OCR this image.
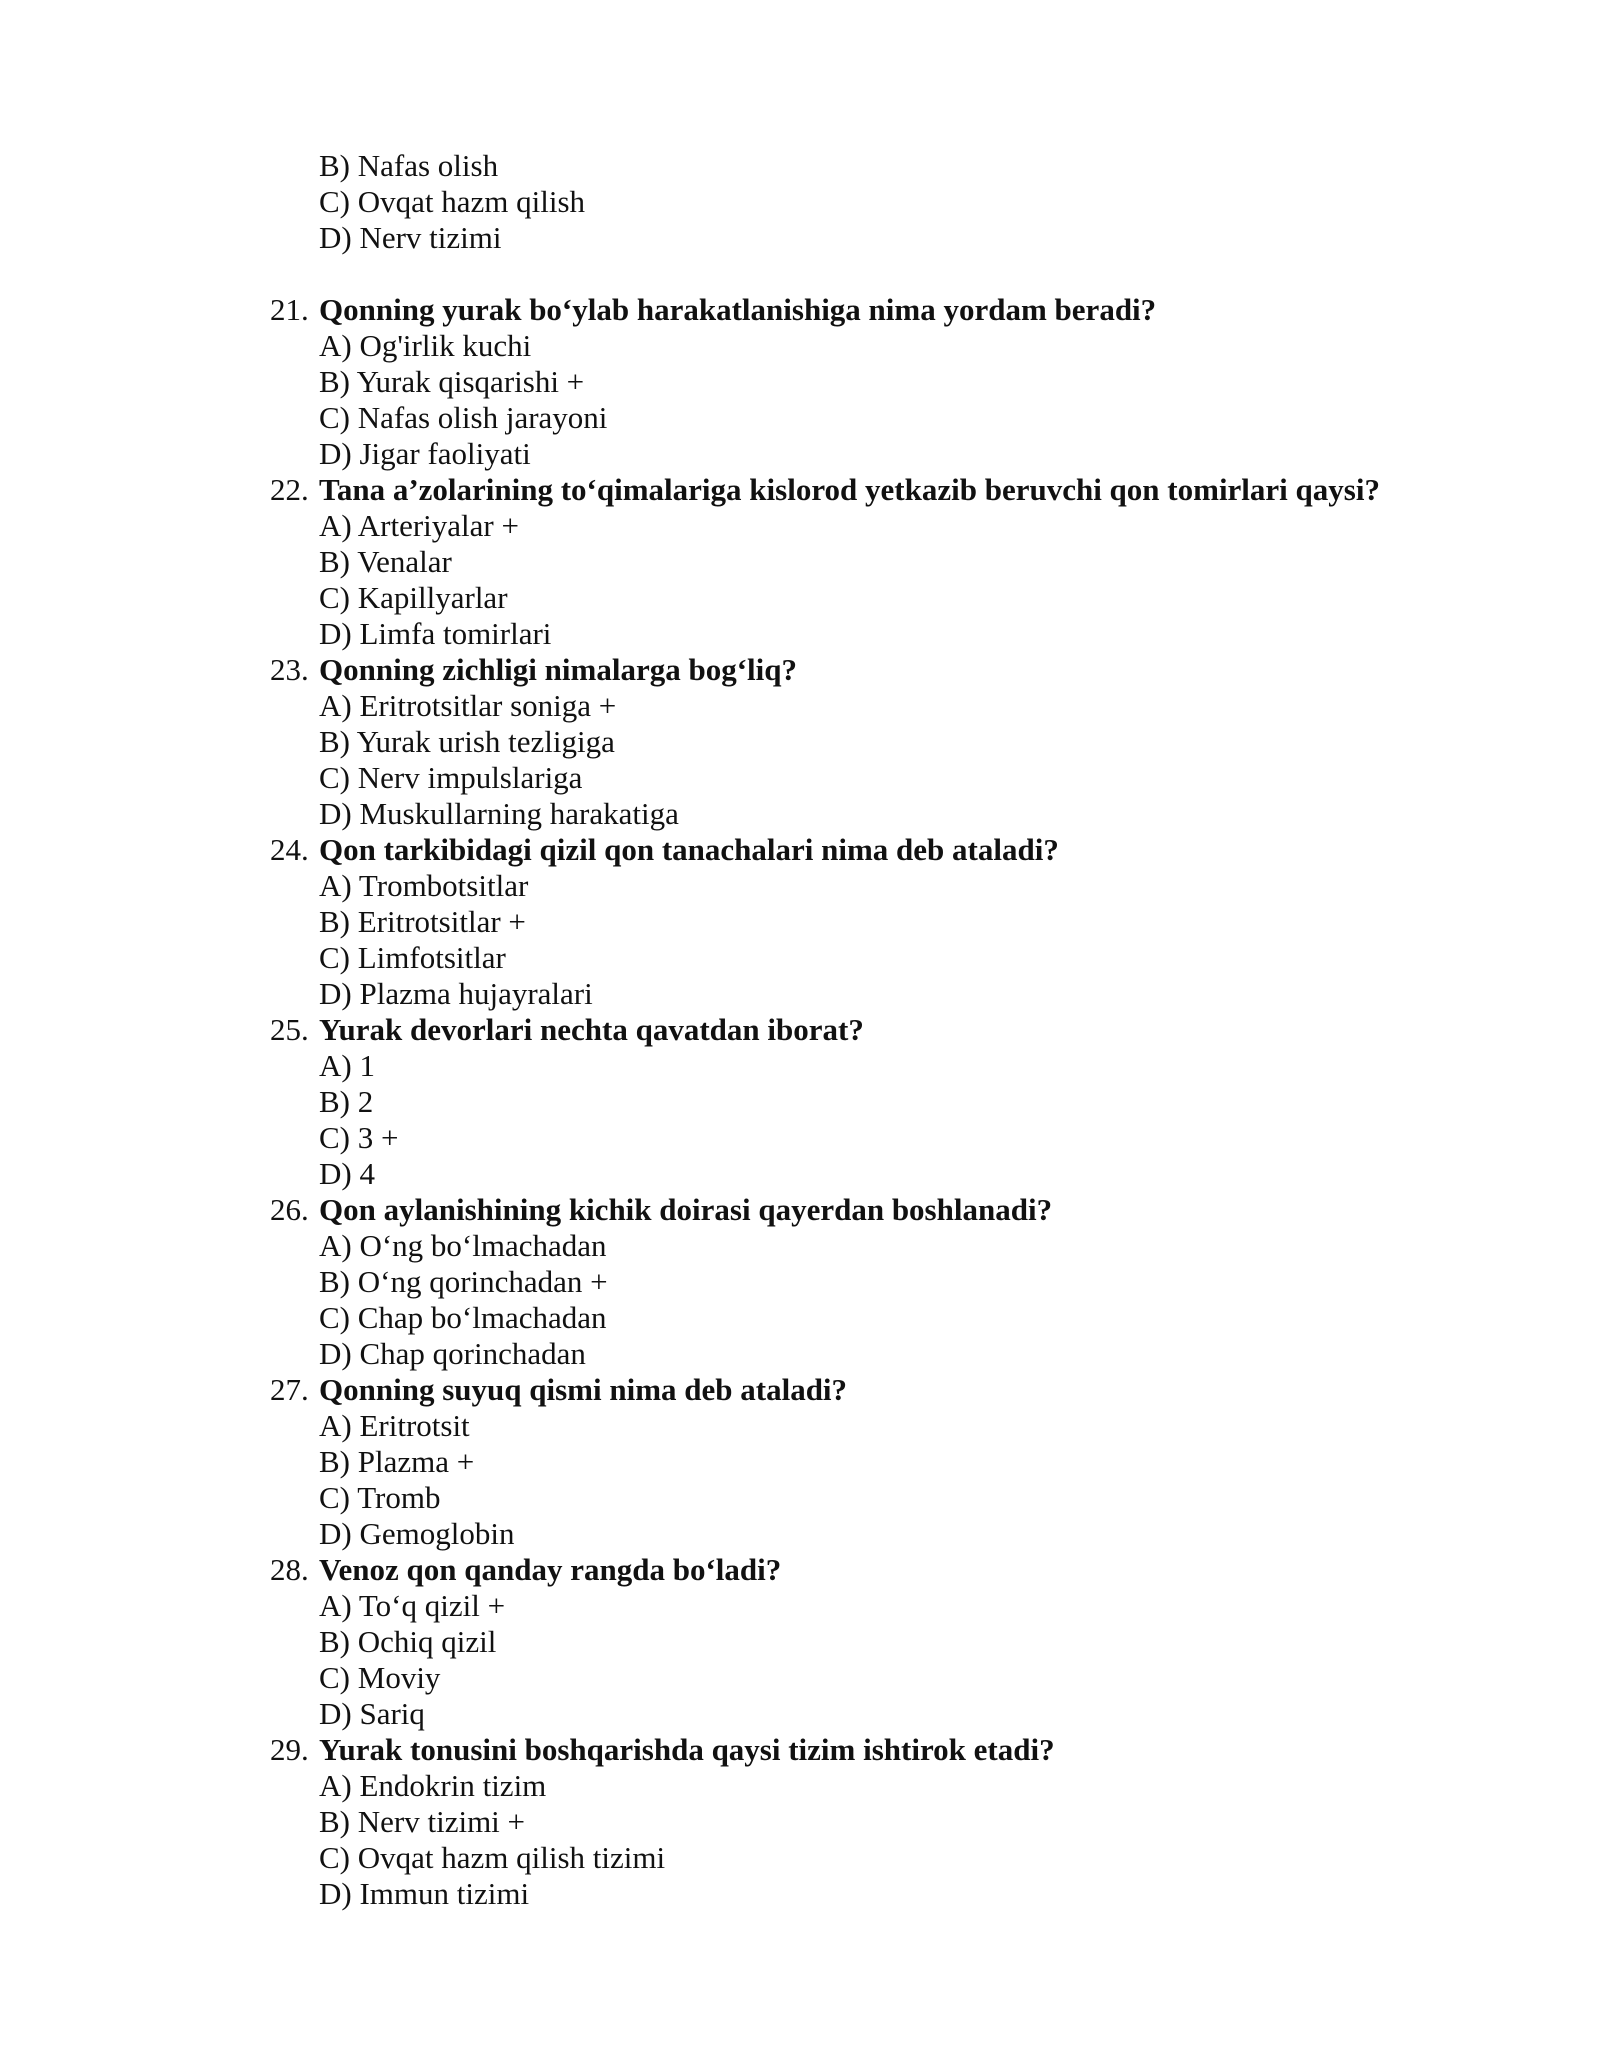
B) Nafas olish
C) Ovqat hazm qilish
D) Nerv tizimi
21. Qonning yurak bo‘ylab harakatlanishiga nima yordam beradi?
A) Og'irlik kuchi
B) Yurak qisqarishi +
C) Nafas olish jarayoni
D) Jigar faoliyati
22. Tana a’zolarining to‘qimalariga kislorod yetkazib beruvchi qon tomirlari qaysi?
A) Arteriyalar +
B) Venalar
C) Kapillyarlar
D) Limfa tomirlari
23. Qonning zichligi nimalarga bog‘liq?
A) Eritrotsitlar soniga +
B) Yurak urish tezligiga
C) Nerv impulslariga
D) Muskullarning harakatiga
24. Qon tarkibidagi qizil qon tanachalari nima deb ataladi?
A) Trombotsitlar
B) Eritrotsitlar +
C) Limfotsitlar
D) Plazma hujayralari
25. Yurak devorlari nechta qavatdan iborat?
A) 1
B) 2
C) 3 +
D) 4
26. Qon aylanishining kichik doirasi qayerdan boshlanadi?
A) O‘ng bo‘lmachadan
B) O‘ng qorinchadan +
C) Chap bo‘lmachadan
D) Chap qorinchadan
27. Qonning suyuq qismi nima deb ataladi?
A) Eritrotsit
B) Plazma +
C) Tromb
D) Gemoglobin
28. Venoz qon qanday rangda bo‘ladi?
A) To‘q qizil +
B) Ochiq qizil
C) Moviy
D) Sariq
29. Yurak tonusini boshqarishda qaysi tizim ishtirok etadi?
A) Endokrin tizim
B) Nerv tizimi +
C) Ovqat hazm qilish tizimi
D) Immun tizimi
